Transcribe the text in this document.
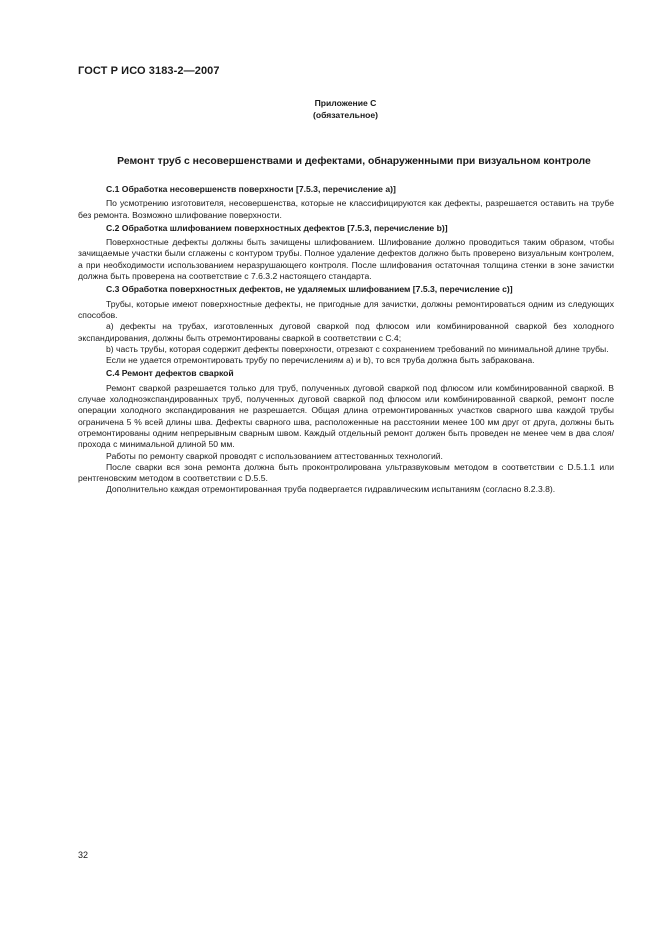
ГОСТ Р ИСО 3183-2—2007
Приложение С
(обязательное)
Ремонт труб с несовершенствами и дефектами, обнаруженными при визуальном контроле
С.1 Обработка несовершенств поверхности [7.5.3, перечисление а)]

По усмотрению изготовителя, несовершенства, которые не классифицируются как дефекты, разрешается оставить на трубе без ремонта. Возможно шлифование поверхности.

С.2 Обработка шлифованием поверхностных дефектов [7.5.3, перечисление b)]

Поверхностные дефекты должны быть зачищены шлифованием. Шлифование должно проводиться таким образом, чтобы зачищаемые участки были сглажены с контуром трубы. Полное удаление дефектов должно быть проверено визуальным контролем, а при необходимости использованием неразрушающего контроля. После шлифования остаточная толщина стенки в зоне зачистки должна быть проверена на соответствие с 7.6.3.2 настоящего стандарта.

С.3 Обработка поверхностных дефектов, не удаляемых шлифованием [7.5.3, перечисление с)]

Трубы, которые имеют поверхностные дефекты, не пригодные для зачистки, должны ремонтироваться одним из следующих способов.

а) дефекты на трубах, изготовленных дуговой сваркой под флюсом или комбинированной сваркой без холодного экспандирования, должны быть отремонтированы сваркой в соответствии с С.4;

b) часть трубы, которая содержит дефекты поверхности, отрезают с сохранением требований по минимальной длине трубы.

Если не удается отремонтировать трубу по перечислениям а) и b), то вся труба должна быть забракована.

С.4 Ремонт дефектов сваркой

Ремонт сваркой разрешается только для труб, полученных дуговой сваркой под флюсом или комбинированной сваркой. В случае холодноэкспандированных труб, полученных дуговой сваркой под флюсом или комбинированной сваркой, ремонт после операции холодного экспандирования не разрешается. Общая длина отремонтированных участков сварного шва каждой трубы ограничена 5 % всей длины шва. Дефекты сварного шва, расположенные на расстоянии менее 100 мм друг от друга, должны быть отремонтированы одним непрерывным сварным швом. Каждый отдельный ремонт должен быть проведен не менее чем в два слоя/прохода с минимальной длиной 50 мм.

Работы по ремонту сваркой проводят с использованием аттестованных технологий.

После сварки вся зона ремонта должна быть проконтролирована ультразвуковым методом в соответствии с D.5.1.1 или рентгеновским методом в соответствии с D.5.5.

Дополнительно каждая отремонтированная труба подвергается гидравлическим испытаниям (согласно 8.2.3.8).

32
